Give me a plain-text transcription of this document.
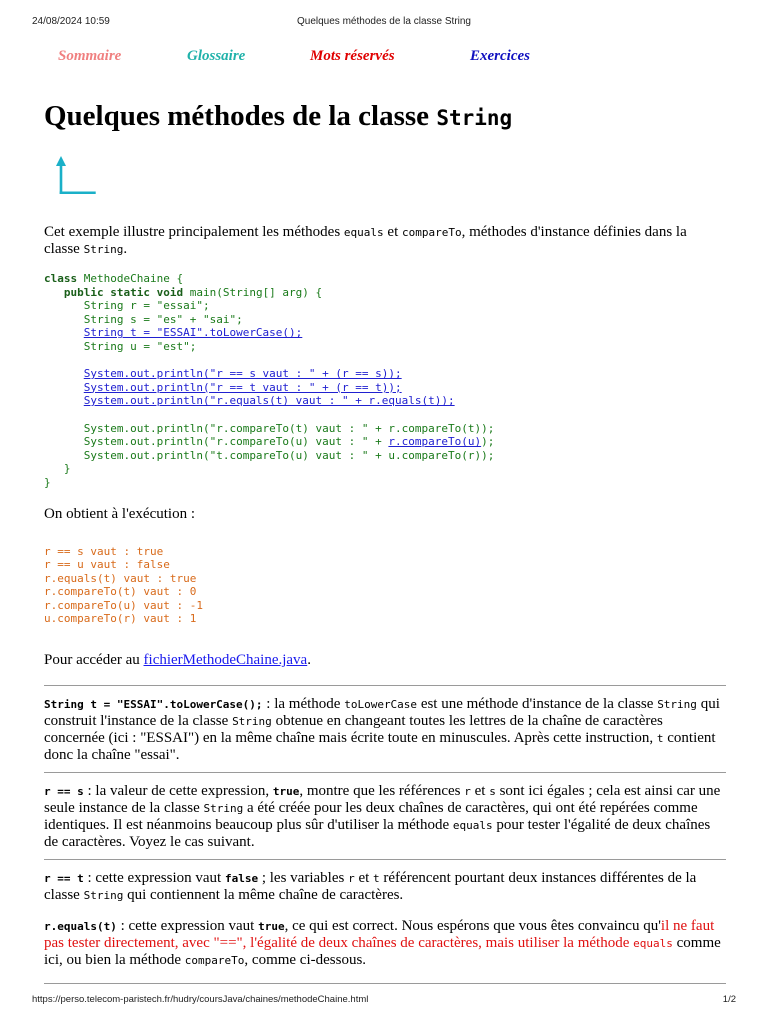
24/08/2024 10:59	Quelques méthodes de la classe String
Sommaire	Glossaire	Mots réservés	Exercices
Quelques méthodes de la classe String

Cet exemple illustre principalement les méthodes equals et compareTo, méthodes d'instance définies dans la classe String.

class MethodeChaine {
public static void main(String[] arg) {
String r = "essai";
String s = "es" + "sai";
String t = "ESSAI".toLowerCase();
String u = "est";

System.out.println("r == s vaut : " + (r == s));
System.out.println("r == t vaut : " + (r == t));
System.out.println("r.equals(t) vaut : " + r.equals(t));

System.out.println("r.compareTo(t) vaut : " + r.compareTo(t));
System.out.println("r.compareTo(u) vaut : " + r.compareTo(u));
System.out.println("t.compareTo(u) vaut : " + u.compareTo(r));
}
}

On obtient à l'exécution :

r == s vaut : true
r == u vaut : false
r.equals(t) vaut : true
r.compareTo(t) vaut : 0
r.compareTo(u) vaut : -1
u.compareTo(r) vaut : 1

Pour accéder au fichierMethodeChaine.java.

String t = "ESSAI".toLowerCase(); : la méthode toLowerCase est une méthode d'instance de la classe String qui construit l'instance de la classe String obtenue en changeant toutes les lettres de la chaîne de caractères concernée (ici : "ESSAI") en la même chaîne mais écrite toute en minuscules. Après cette instruction, t contient donc la chaîne "essai".

r == s : la valeur de cette expression, true, montre que les références r et s sont ici égales ; cela est ainsi car une seule instance de la classe String a été créée pour les deux chaînes de caractères, qui ont été repérées comme identiques. Il est néanmoins beaucoup plus sûr d'utiliser la méthode equals pour tester l'égalité de deux chaînes de caractères. Voyez le cas suivant.

r == t : cette expression vaut false ; les variables r et t référencent pourtant deux instances différentes de la classe String qui contiennent la même chaîne de caractères.

r.equals(t) : cette expression vaut true, ce qui est correct. Nous espérons que vous êtes convaincu qu'il ne faut pas tester directement, avec "==", l'égalité de deux chaînes de caractères, mais utiliser la méthode equals comme ici, ou bien la méthode compareTo, comme ci-dessous.

https://perso.telecom-paristech.fr/hudry/coursJava/chaines/methodeChaine.html	1/2
